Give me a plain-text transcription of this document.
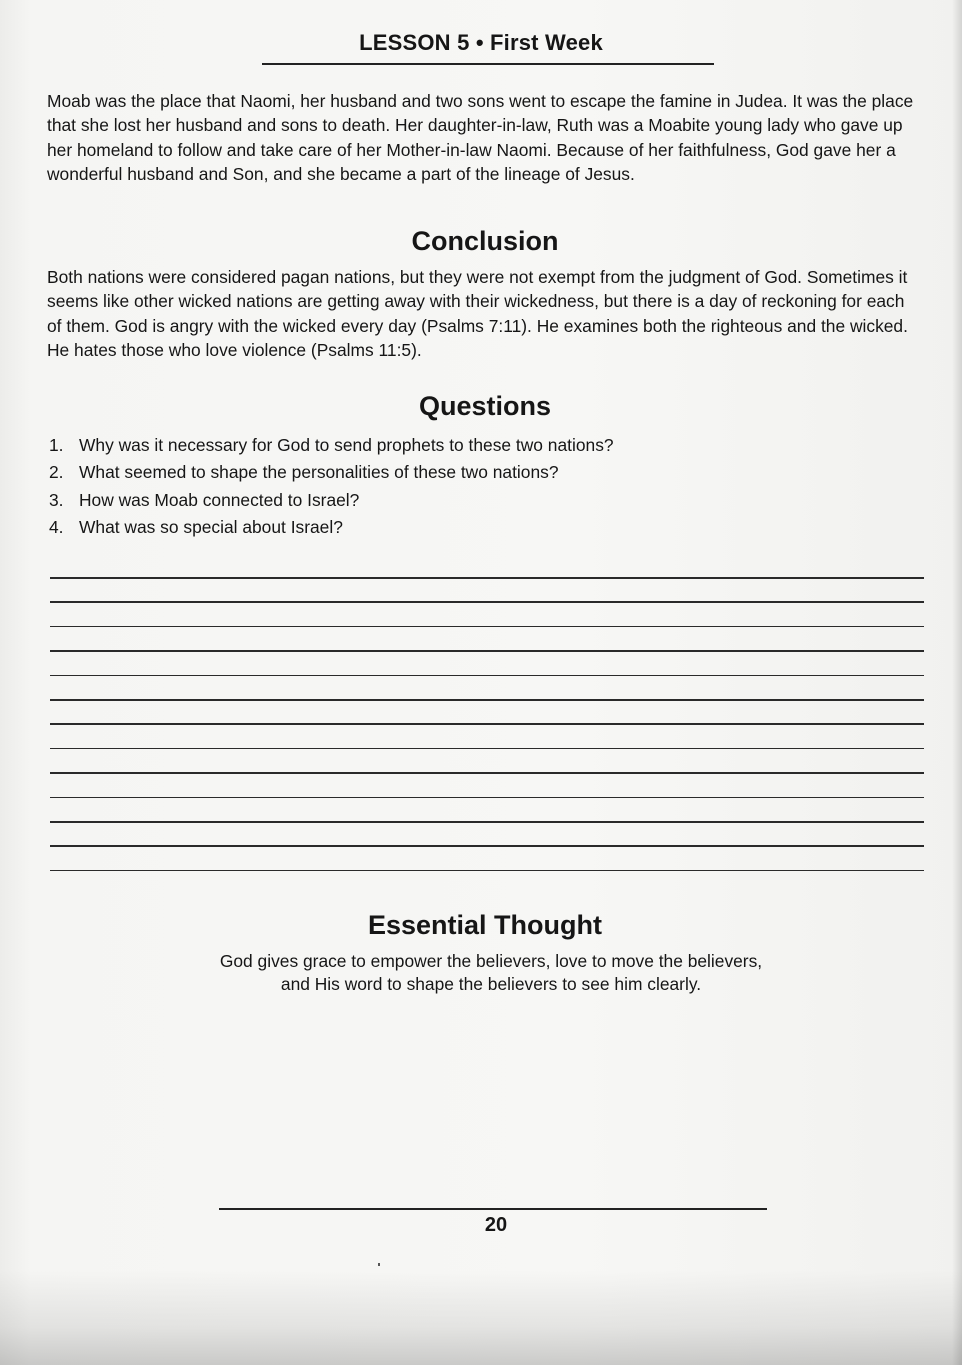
LESSON 5 • First Week

Moab was the place that Naomi, her husband and two sons went to escape the famine in Judea. It was the place that she lost her husband and sons to death. Her daughter-in-law, Ruth was a Moabite young lady who gave up her homeland to follow and take care of her Mother-in-law Naomi. Because of her faithfulness, God gave her a wonderful husband and Son, and she became a part of the lineage of Jesus.

Conclusion

Both nations were considered pagan nations, but they were not exempt from the judgment of God. Sometimes it seems like other wicked nations are getting away with their wickedness, but there is a day of reckoning for each of them. God is angry with the wicked every day (Psalms 7:11). He examines both the righteous and the wicked. He hates those who love violence (Psalms 11:5).

Questions
1. Why was it necessary for God to send prophets to these two nations?
2. What seemed to shape the personalities of these two nations?
3. How was Moab connected to Israel?
4. What was so special about Israel?
Essential Thought

God gives grace to empower the believers, love to move the believers,
and His word to shape the believers to see him clearly.

20
